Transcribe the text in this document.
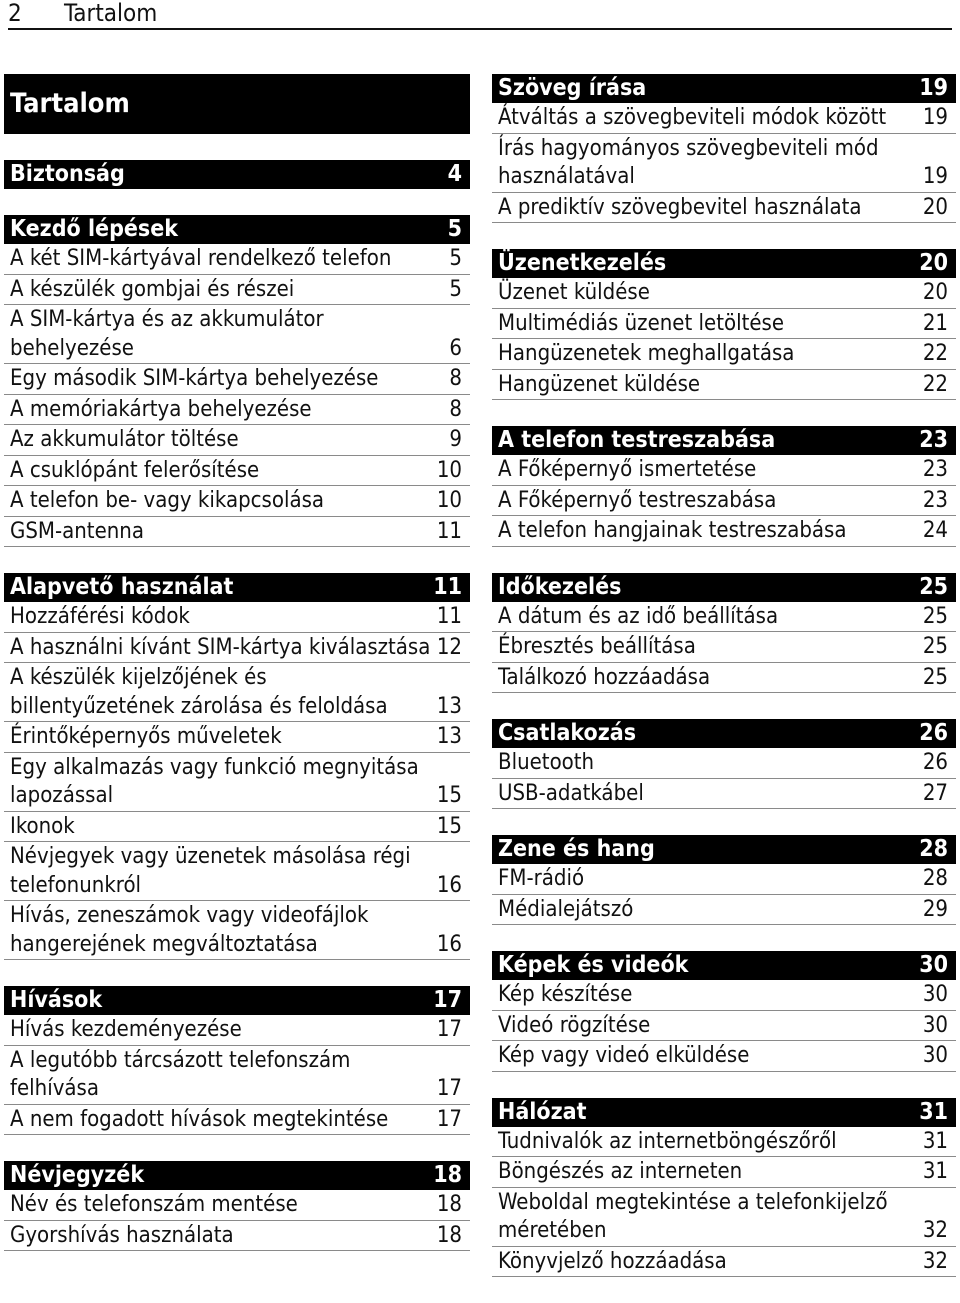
2 Tartalom
Tartalom
Biztonság	4
Kezdő lépések	5
A két SIM-kártyával rendelkező telefon	5
A készülék gombjai és részei	5
A SIM-kártya és az akkumulátor behelyezése	6
Egy második SIM-kártya behelyezése	8
A memóriakártya behelyezése	8
Az akkumulátor töltése	9
A csuklópánt felerősítése	10
A telefon be- vagy kikapcsolása	10
GSM-antenna	11
Alapvető használat	11
Hozzáférési kódok	11
A használni kívánt SIM-kártya kiválasztása 12
A készülék kijelzőjének és billentyűzetének zárolása és feloldása	13
Érintőképernyős műveletek	13
Egy alkalmazás vagy funkció megnyitása lapozással	15
Ikonok	15
Névjegyek vagy üzenetek másolása régi telefonunkról	16
Hívás, zeneszámok vagy videofájlok hangerejének megváltoztatása	16
Hívások	17
Hívás kezdeményezése	17
A legutóbb tárcsázott telefonszám felhívása	17
A nem fogadott hívások megtekintése	17
Névjegyzék	18
Név és telefonszám mentése	18
Gyorshívás használata	18
Szöveg írása	19
Átváltás a szövegbeviteli módok között	19
Írás hagyományos szövegbeviteli mód használatával	19
A prediktív szövegbevitel használata	20
Üzenetkezelés	20
Üzenet küldése	20
Multimédiás üzenet letöltése	21
Hangüzenetek meghallgatása	22
Hangüzenet küldése	22
A telefon testreszabása	23
A Főképernyő ismertetése	23
A Főképernyő testreszabása	23
A telefon hangjainak testreszabása	24
Időkezelés	25
A dátum és az idő beállítása	25
Ébresztés beállítása	25
Találkozó hozzáadása	25
Csatlakozás	26
Bluetooth	26
USB-adatkábel	27
Zene és hang	28
FM-rádió	28
Médialejátszó	29
Képek és videók	30
Kép készítése	30
Videó rögzítése	30
Kép vagy videó elküldése	30
Hálózat	31
Tudnivalók az internetböngészőről	31
Böngészés az interneten	31
Weboldal megtekintése a telefonkijelző méretében	32
Könyvjelző hozzáadása	32
